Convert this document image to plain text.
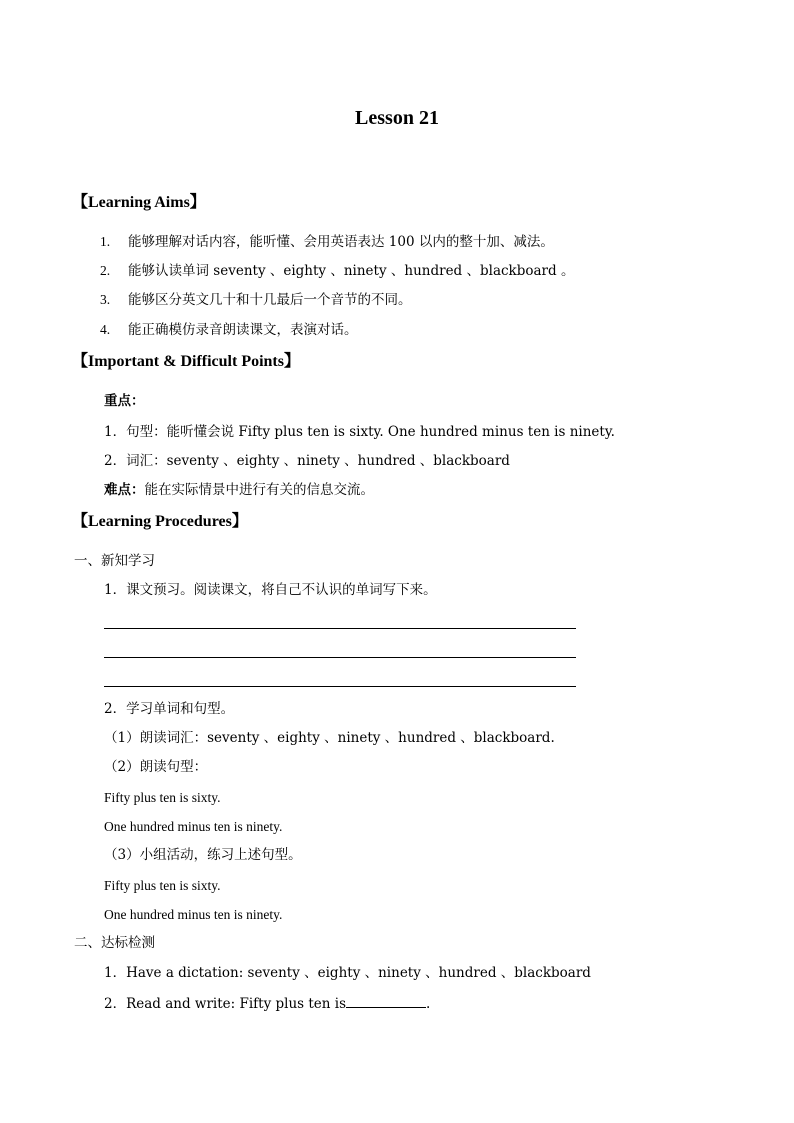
Lesson 21
【Learning Aims】
1. 能够理解对话内容，能听懂、会用英语表达 100 以内的整十加、减法。
2. 能够认读单词 seventy 、eighty 、ninety 、hundred 、blackboard 。
3. 能够区分英文几十和十几最后一个音节的不同。
4. 能正确模仿录音朗读课文，表演对话。
【Important & Difficult Points】
重点：
1．句型：能听懂会说 Fifty plus ten is sixty. One hundred minus ten is ninety.
2．词汇：seventy 、eighty 、ninety 、hundred 、blackboard
难点：能在实际情景中进行有关的信息交流。
【Learning Procedures】
一、新知学习
1．课文预习。阅读课文，将自己不认识的单词写下来。
2．学习单词和句型。
（1）朗读词汇：seventy 、eighty 、ninety 、hundred 、blackboard.
（2）朗读句型：
Fifty plus ten is sixty.
One hundred minus ten is ninety.
（3）小组活动，练习上述句型。
Fifty plus ten is sixty.
One hundred minus ten is ninety.
二、达标检测
1．Have a dictation: seventy 、eighty 、ninety 、hundred 、blackboard
2．Read and write: Fifty plus ten is	.
